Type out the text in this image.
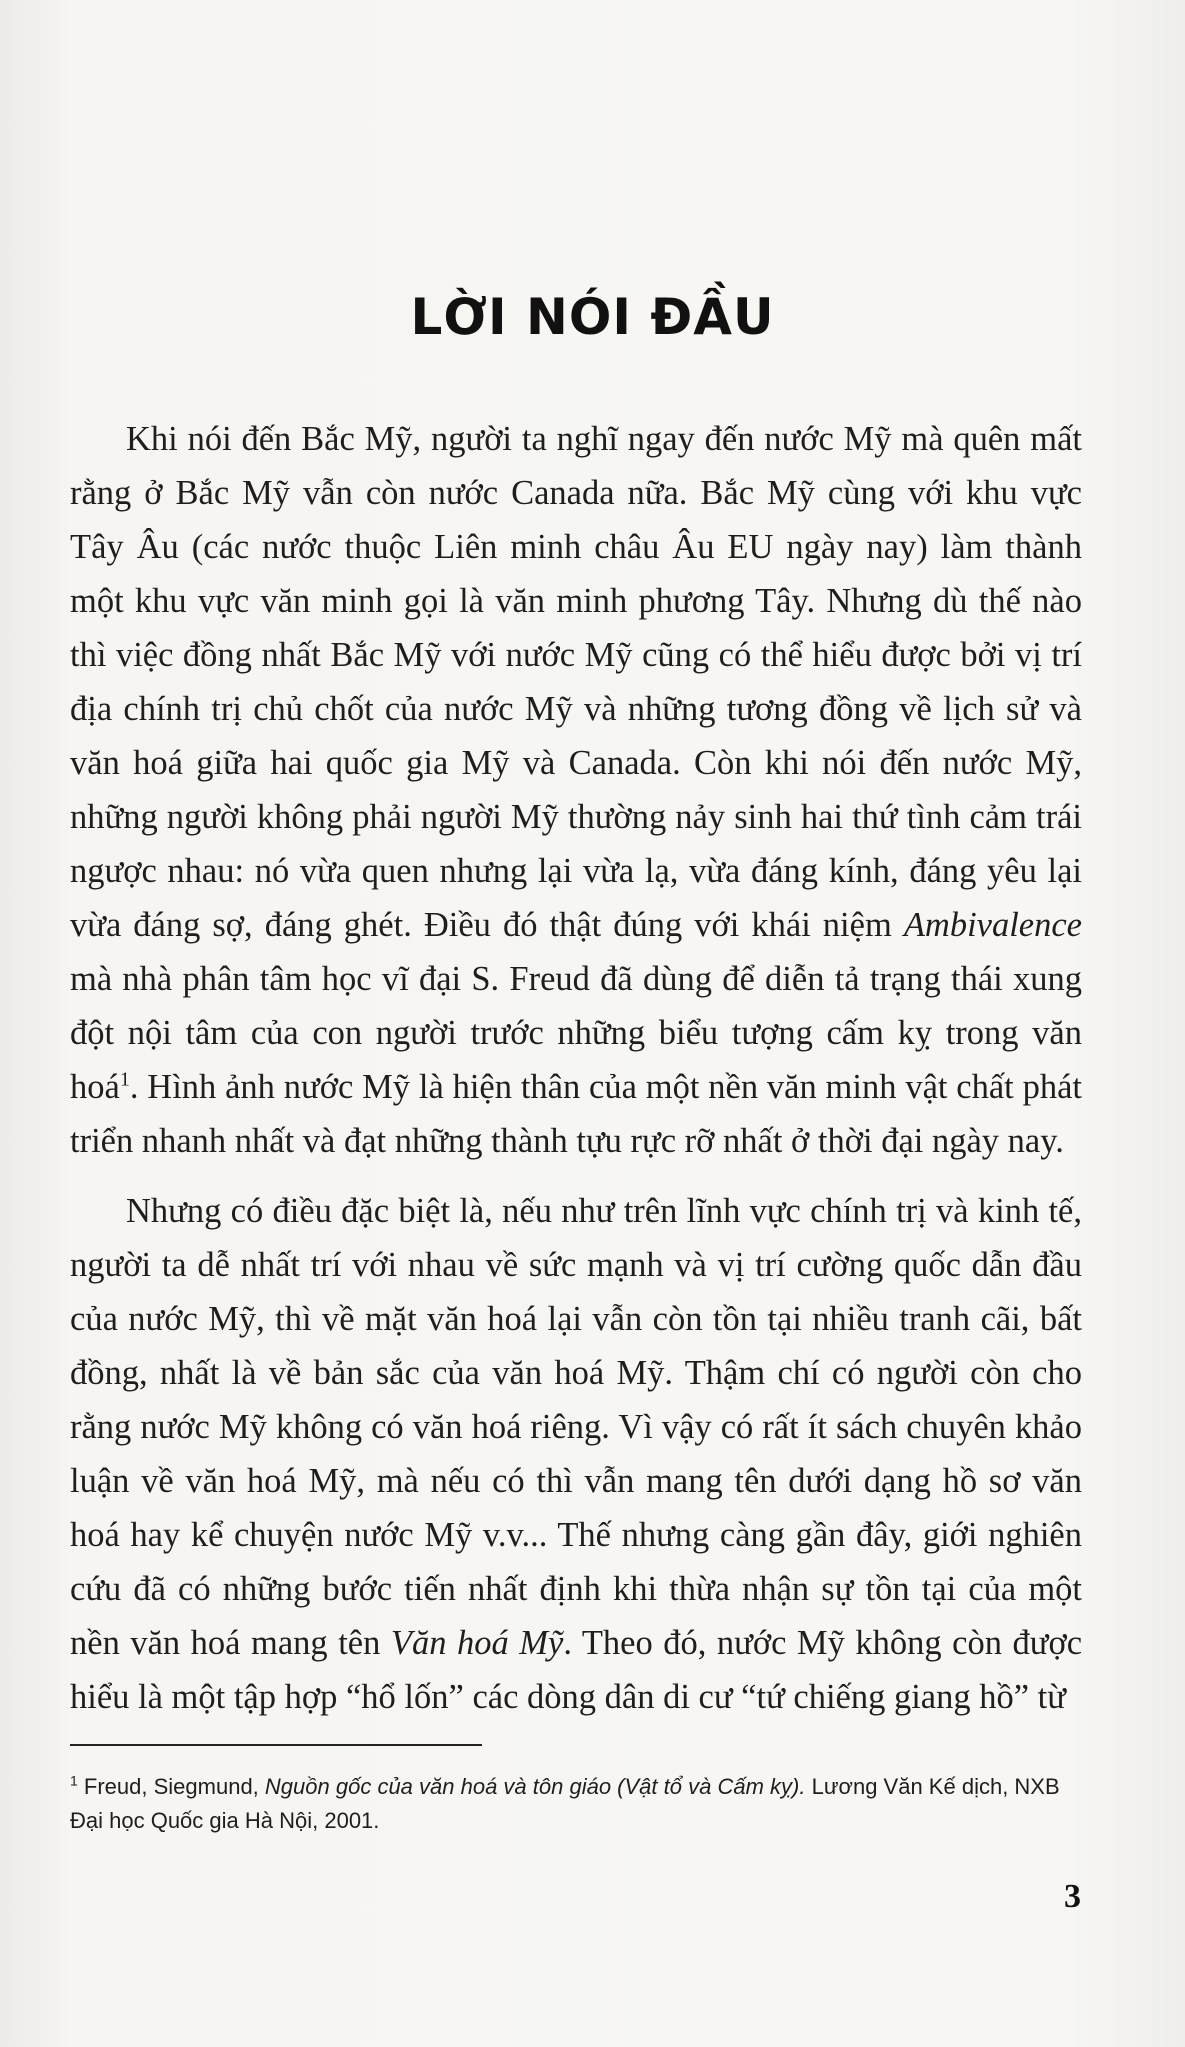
LỜI NÓI ĐẦU

Khi nói đến Bắc Mỹ, người ta nghĩ ngay đến nước Mỹ mà quên mất rằng ở Bắc Mỹ vẫn còn nước Canada nữa. Bắc Mỹ cùng với khu vực Tây Âu (các nước thuộc Liên minh châu Âu EU ngày nay) làm thành một khu vực văn minh gọi là văn minh phương Tây. Nhưng dù thế nào thì việc đồng nhất Bắc Mỹ với nước Mỹ cũng có thể hiểu được bởi vị trí địa chính trị chủ chốt của nước Mỹ và những tương đồng về lịch sử và văn hoá giữa hai quốc gia Mỹ và Canada. Còn khi nói đến nước Mỹ, những người không phải người Mỹ thường nảy sinh hai thứ tình cảm trái ngược nhau: nó vừa quen nhưng lại vừa lạ, vừa đáng kính, đáng yêu lại vừa đáng sợ, đáng ghét. Điều đó thật đúng với khái niệm Ambivalence mà nhà phân tâm học vĩ đại S. Freud đã dùng để diễn tả trạng thái xung đột nội tâm của con người trước những biểu tượng cấm kỵ trong văn hoá$^1$. Hình ảnh nước Mỹ là hiện thân của một nền văn minh vật chất phát triển nhanh nhất và đạt những thành tựu rực rỡ nhất ở thời đại ngày nay.

Nhưng có điều đặc biệt là, nếu như trên lĩnh vực chính trị và kinh tế, người ta dễ nhất trí với nhau về sức mạnh và vị trí cường quốc dẫn đầu của nước Mỹ, thì về mặt văn hoá lại vẫn còn tồn tại nhiều tranh cãi, bất đồng, nhất là về bản sắc của văn hoá Mỹ. Thậm chí có người còn cho rằng nước Mỹ không có văn hoá riêng. Vì vậy có rất ít sách chuyên khảo luận về văn hoá Mỹ, mà nếu có thì vẫn mang tên dưới dạng hồ sơ văn hoá hay kể chuyện nước Mỹ v.v... Thế nhưng càng gần đây, giới nghiên cứu đã có những bước tiến nhất định khi thừa nhận sự tồn tại của một nền văn hoá mang tên Văn hoá Mỹ. Theo đó, nước Mỹ không còn được hiểu là một tập hợp “hổ lốn” các dòng dân di cư “tứ chiếng giang hồ” từ

$^1$ Freud, Siegmund, Nguồn gốc của văn hoá và tôn giáo (Vật tổ và Cấm kỵ). Lương Văn Kế dịch, NXB Đại học Quốc gia Hà Nội, 2001.
3
